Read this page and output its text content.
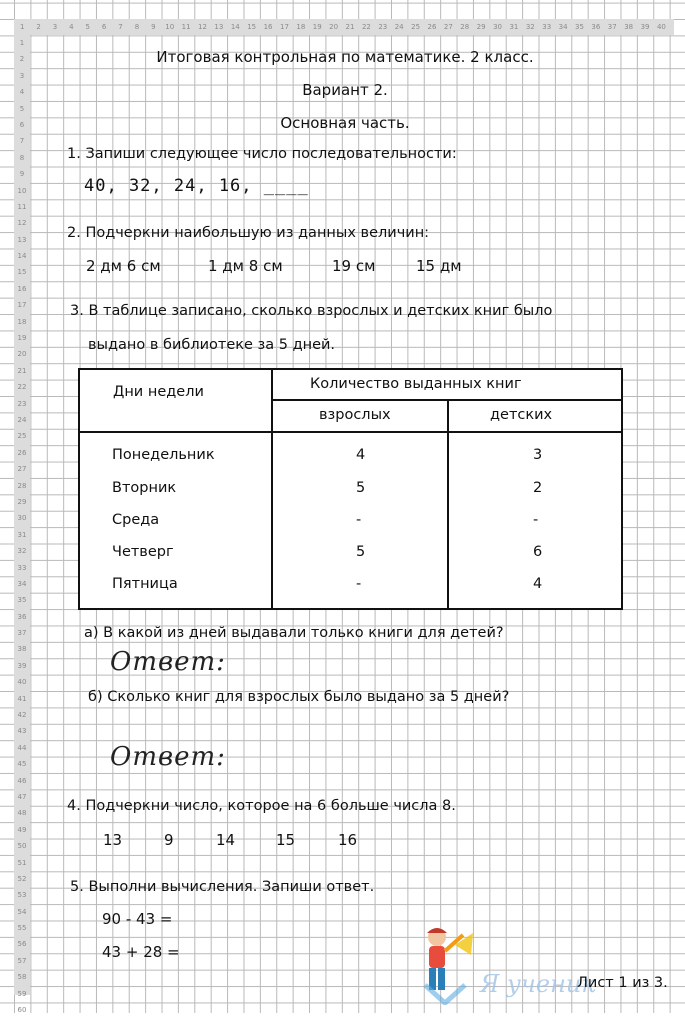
1	2	3	4	5	6	7	8	9	10	11	12	13	14	15	16	17	18	19	20	21	22	23	24	25	26	27	28	29	30	31	32	33	34	35	36	37	38	39	40
1
2
3
4
5
6
7
8
9
10
11
12
13
14
15
16
17
18
19
20
21
22
23
24
25
26
27
28
29
30
31
32
33
34
35
36
37
38
39
40
41
42
43
44
45
46
47
48
49
50
51
52
53
54
55
56
57
58
59
60
Итоговая контрольная по математике. 2 класс.
Вариант 2.
Основная часть.
1. Запиши следующее число последовательности:
40, 32, 24, 16, ____
2. Подчеркни наибольшую из данных величин:
2 дм 6 см	1 дм 8 см	19 см	15 дм
3. В таблице записано, сколько взрослых и детских книг было
выдано в библиотеке за 5 дней.
Дни недели	Количество выданных книг
взрослых	детских
Понедельник	4	3
Вторник	5	2
Среда	-	-
Четверг	5	6
Пятница	-	4
а) В какой из дней выдавали только книги для детей?
Ответ:
б) Сколько книг для взрослых было выдано за 5 дней?
Ответ:
4. Подчеркни число, которое на 6 больше числа 8.
13	9	14	15	16
5. Выполни вычисления. Запиши ответ.
90 - 43 =
43 + 28 =
Я ученик
Лист 1 из 3.
